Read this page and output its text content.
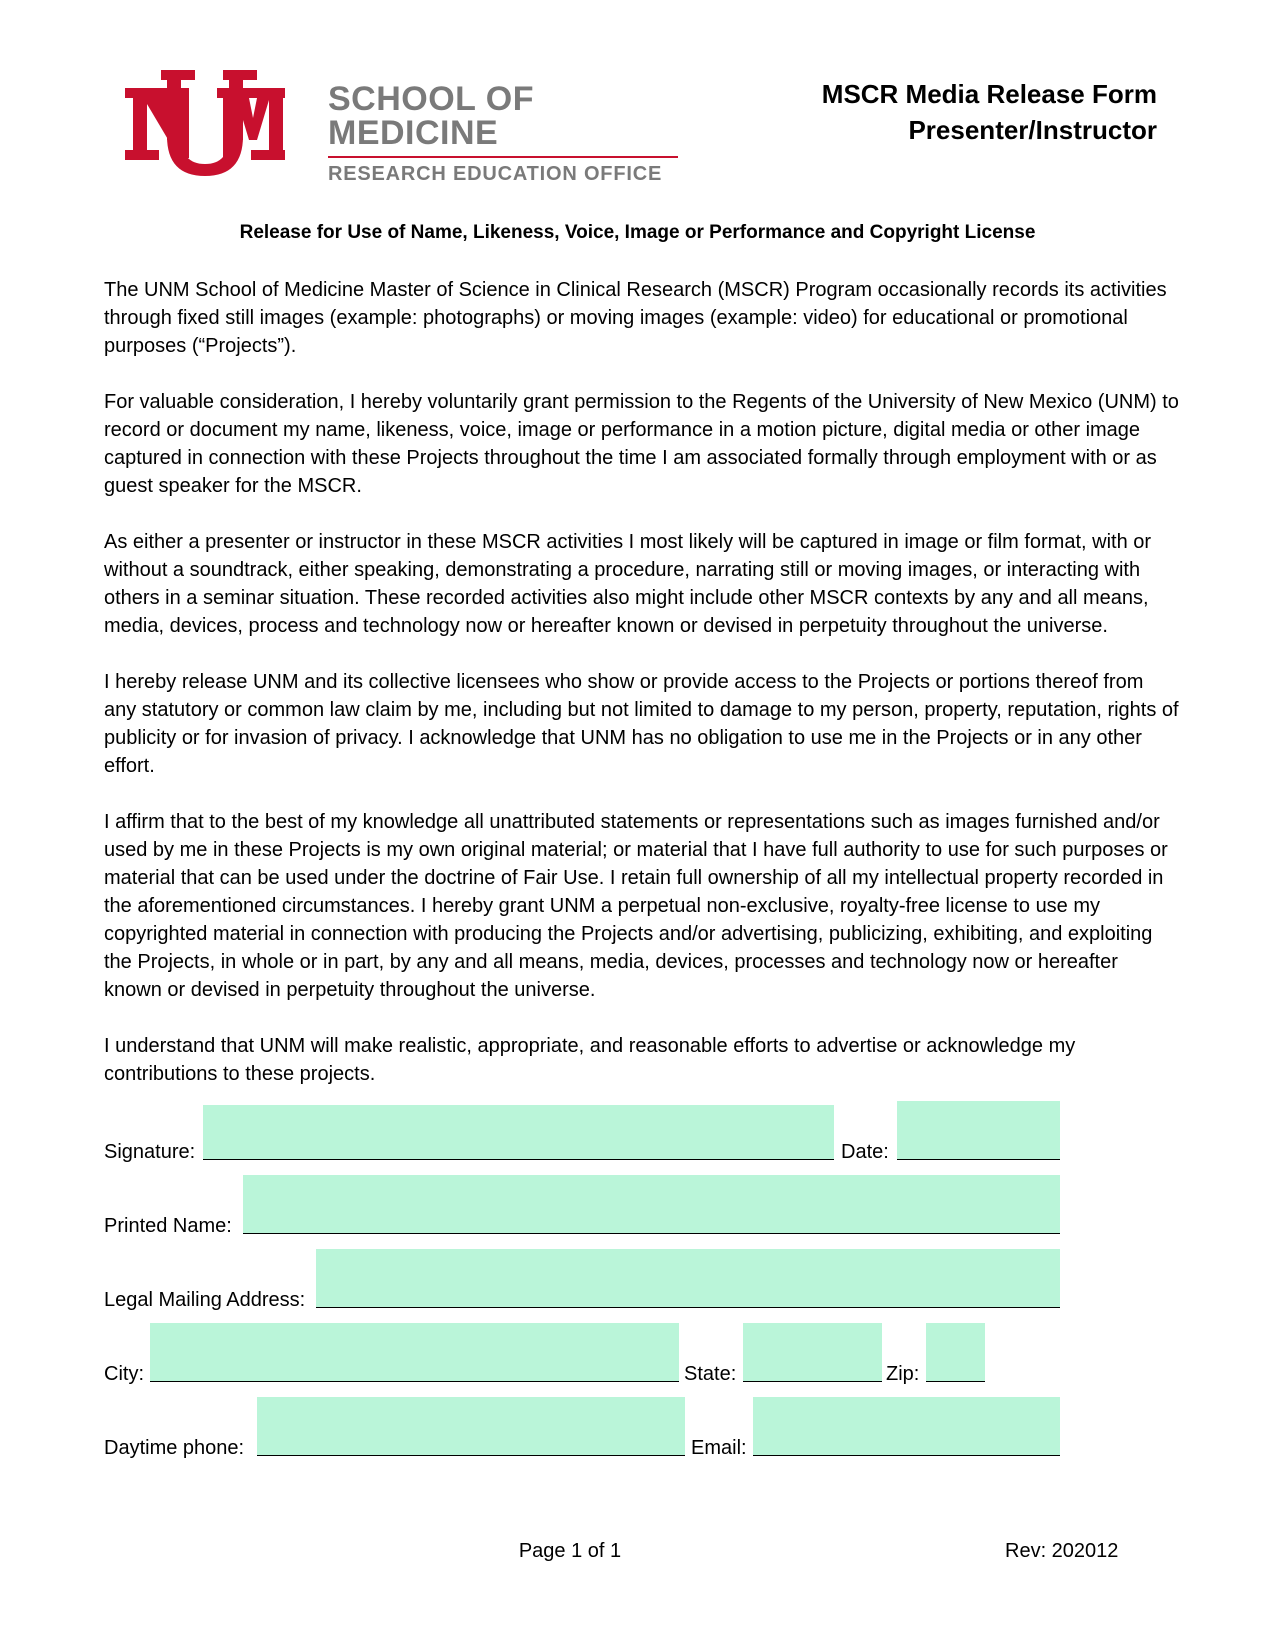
SCHOOL OF
MEDICINE
RESEARCH EDUCATION OFFICE
MSCR Media Release Form
Presenter/Instructor
Release for Use of Name, Likeness, Voice, Image or Performance and Copyright License

The UNM School of Medicine Master of Science in Clinical Research (MSCR) Program occasionally records its activities through fixed still images (example: photographs) or moving images (example: video) for educational or promotional purposes (“Projects”).

For valuable consideration, I hereby voluntarily grant permission to the Regents of the University of New Mexico (UNM) to record or document my name, likeness, voice, image or performance in a motion picture, digital media or other image captured in connection with these Projects throughout the time I am associated formally through employment with or as guest speaker for the MSCR.

As either a presenter or instructor in these MSCR activities I most likely will be captured in image or film format, with or without a soundtrack, either speaking, demonstrating a procedure, narrating still or moving images, or interacting with others in a seminar situation. These recorded activities also might include other MSCR contexts by any and all means, media, devices, process and technology now or hereafter known or devised in perpetuity throughout the universe.

I hereby release UNM and its collective licensees who show or provide access to the Projects or portions thereof from any statutory or common law claim by me, including but not limited to damage to my person, property, reputation, rights of publicity or for invasion of privacy. I acknowledge that UNM has no obligation to use me in the Projects or in any other effort.

I affirm that to the best of my knowledge all unattributed statements or representations such as images furnished and/or used by me in these Projects is my own original material; or material that I have full authority to use for such purposes or material that can be used under the doctrine of Fair Use. I retain full ownership of all my intellectual property recorded in the aforementioned circumstances. I hereby grant UNM a perpetual non-exclusive, royalty-free license to use my copyrighted material in connection with producing the Projects and/or advertising, publicizing, exhibiting, and exploiting the Projects, in whole or in part, by any and all means, media, devices, processes and technology now or hereafter known or devised in perpetuity throughout the universe.

I understand that UNM will make realistic, appropriate, and reasonable efforts to advertise or acknowledge my contributions to these projects.

Signature:	Date:
Printed Name:
Legal Mailing Address:
City:	State:	Zip:
Daytime phone:	Email:
Page 1 of 1	Rev: 202012
